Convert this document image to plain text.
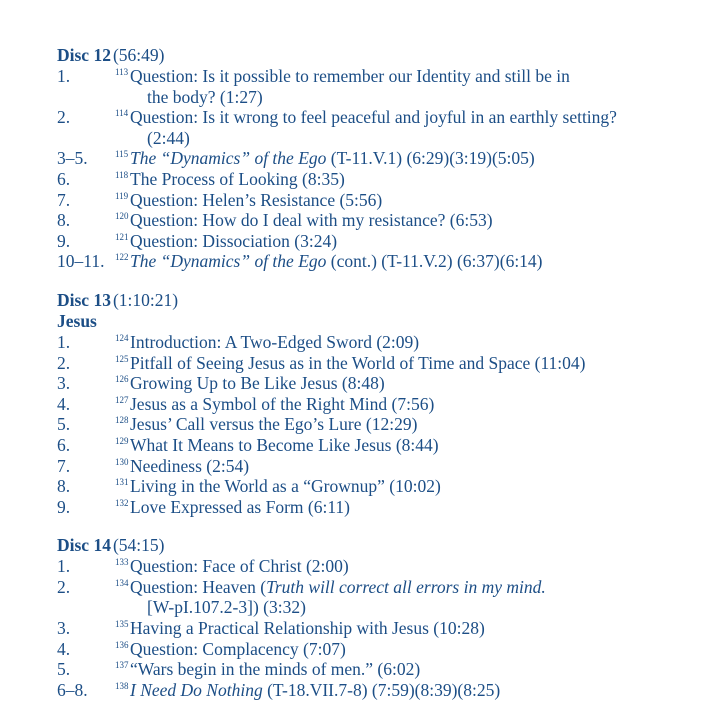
Disc 12 (56:49)
1.	$^{113}$ Question: Is it possible to remember our Identity and still be in
the body? (1:27)
2.	$^{114}$ Question: Is it wrong to feel peaceful and joyful in an earthly setting?
(2:44)
3–5.	$^{115}$ The “Dynamics” of the Ego (T-11.V.1) (6:29)(3:19)(5:05)
6.	$^{118}$ The Process of Looking (8:35)
7.	$^{119}$ Question: Helen’s Resistance (5:56)
8.	$^{120}$Question: How do I deal with my resistance? (6:53)
9.	$^{121}$Question: Dissociation (3:24)
10–11.	$^{122}$The “Dynamics” of the Ego (cont.) (T-11.V.2) (6:37)(6:14)
Disc 13 (1:10:21)
Jesus
1.	$^{124}$Introduction: A Two-Edged Sword (2:09)
2.	$^{125}$Pitfall of Seeing Jesus as in the World of Time and Space (11:04)
3.	$^{126}$Growing Up to Be Like Jesus (8:48)
4.	$^{127}$Jesus as a Symbol of the Right Mind (7:56)
5.	$^{128}$Jesus’ Call versus the Ego’s Lure (12:29)
6.	$^{129}$What It Means to Become Like Jesus (8:44)
7.	$^{130}$Neediness (2:54)
8.	$^{131}$Living in the World as a “Grownup” (10:02)
9.	$^{132}$Love Expressed as Form (6:11)
Disc 14 (54:15)
1.	$^{133}$Question: Face of Christ (2:00)
2.	$^{134}$Question: Heaven (Truth will correct all errors in my mind.
[W-pI.107.2-3]) (3:32)
3.	$^{135}$Having a Practical Relationship with Jesus (10:28)
4.	$^{136}$Question: Complacency (7:07)
5.	$^{137}$“Wars begin in the minds of men.” (6:02)
6–8.	$^{138}$I Need Do Nothing (T-18.VII.7-8) (7:59)(8:39)(8:25)
